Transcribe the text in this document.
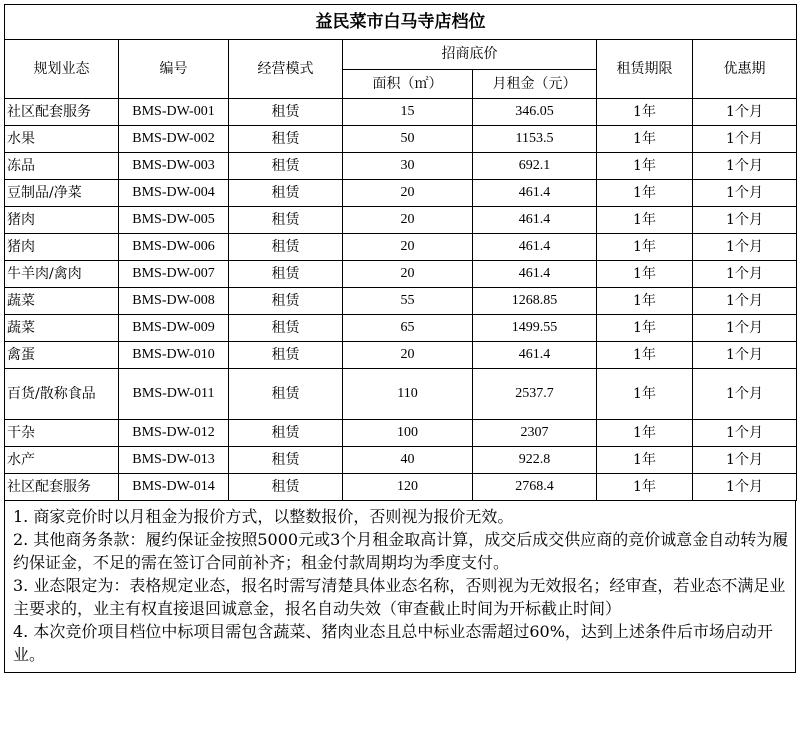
益民菜市白马寺店档位						
规划业态	编号	经营模式	招商底价		租赁期限	优惠期
			面积（㎡）	月租金（元）		
社区配套服务	BMS-DW-001	租赁	15	346.05	1年	1个月
水果	BMS-DW-002	租赁	50	1153.5	1年	1个月
冻品	BMS-DW-003	租赁	30	692.1	1年	1个月
豆制品/净菜	BMS-DW-004	租赁	20	461.4	1年	1个月
猪肉	BMS-DW-005	租赁	20	461.4	1年	1个月
猪肉	BMS-DW-006	租赁	20	461.4	1年	1个月
牛羊肉/禽肉	BMS-DW-007	租赁	20	461.4	1年	1个月
蔬菜	BMS-DW-008	租赁	55	1268.85	1年	1个月
蔬菜	BMS-DW-009	租赁	65	1499.55	1年	1个月
禽蛋	BMS-DW-010	租赁	20	461.4	1年	1个月
百货/散称食品	BMS-DW-011	租赁	110	2537.7	1年	1个月
干杂	BMS-DW-012	租赁	100	2307	1年	1个月
水产	BMS-DW-013	租赁	40	922.8	1年	1个月
社区配套服务	BMS-DW-014	租赁	120	2768.4	1年	1个月

1. 商家竞价时以月租金为报价方式，以整数报价，否则视为报价无效。

2. 其他商务条款：履约保证金按照5000元或3个月租金取高计算，成交后成交供应商的竞价诚意金自动转为履约保证金，不足的需在签订合同前补齐；租金付款周期均为季度支付。

3. 业态限定为：表格规定业态，报名时需写清楚具体业态名称，否则视为无效报名；经审查，若业态不满足业主要求的，业主有权直接退回诚意金，报名自动失效（审查截止时间为开标截止时间）

4. 本次竞价项目档位中标项目需包含蔬菜、猪肉业态且总中标业态需超过60%，达到上述条件后市场启动开业。
